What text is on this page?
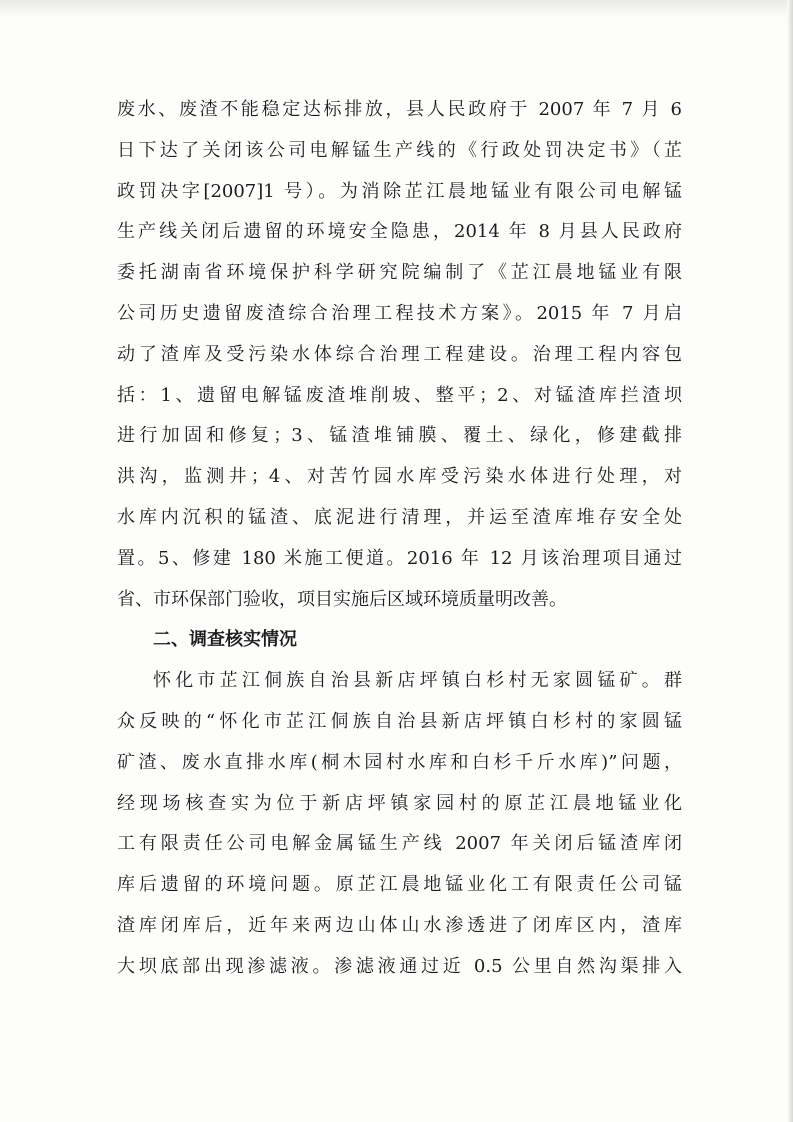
废水、废渣不能稳定达标排放，县人民政府于 2007 年 7 月 6
日下达了关闭该公司电解锰生产线的《行政处罚决定书》（芷
政罚决字[2007]1 号）。为消除芷江晨地锰业有限公司电解锰
生产线关闭后遗留的环境安全隐患，2014 年 8 月县人民政府
委托湖南省环境保护科学研究院编制了《芷江晨地锰业有限
公司历史遗留废渣综合治理工程技术方案》。2015 年 7 月启
动了渣库及受污染水体综合治理工程建设。治理工程内容包
括：1、遗留电解锰废渣堆削坡、整平；2、对锰渣库拦渣坝
进行加固和修复；3、锰渣堆铺膜、覆土、绿化，修建截排
洪沟，监测井；4、对苦竹园水库受污染水体进行处理，对
水库内沉积的锰渣、底泥进行清理，并运至渣库堆存安全处
置。5、修建 180 米施工便道。2016 年 12 月该治理项目通过
省、市环保部门验收，项目实施后区域环境质量明改善。
二、调查核实情况
怀化市芷江侗族自治县新店坪镇白杉村无家圆锰矿。群
众反映的“怀化市芷江侗族自治县新店坪镇白杉村的家圆锰
矿渣、废水直排水库(桐木园村水库和白杉千斤水库)”问题，
经现场核查实为位于新店坪镇家园村的原芷江晨地锰业化
工有限责任公司电解金属锰生产线 2007 年关闭后锰渣库闭
库后遗留的环境问题。原芷江晨地锰业化工有限责任公司锰
渣库闭库后，近年来两边山体山水渗透进了闭库区内，渣库
大坝底部出现渗滤液。渗滤液通过近 0.5 公里自然沟渠排入
